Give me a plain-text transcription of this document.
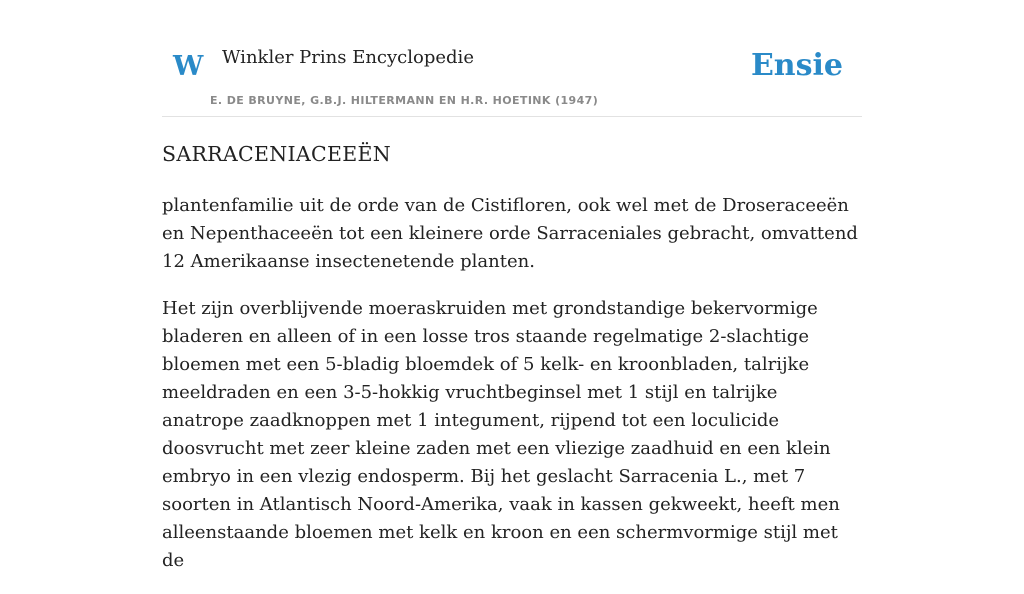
W Winkler Prins Encyclopedie
E. DE BRUYNE, G.B.J. HILTERMANN EN H.R. HOETINK (1947)
Ensie
SARRACENIACEEËN

plantenfamilie uit de orde van de Cistifloren, ook wel met de Droseraceeën en Nepenthaceeën tot een kleinere orde Sarraceniales gebracht, omvattend 12 Amerikaanse insectenetende planten.

Het zijn overblijvende moeraskruiden met grondstandige bekervormige bladeren en alleen of in een losse tros staande regelmatige 2-slachtige bloemen met een 5-bladig bloemdek of 5 kelk- en kroonbladen, talrijke meeldraden en een 3-5-hokkig vruchtbeginsel met 1 stijl en talrijke anatrope zaadknoppen met 1 integument, rijpend tot een loculicide doosvrucht met zeer kleine zaden met een vliezige zaadhuid en een klein embryo in een vlezig endosperm. Bij het geslacht Sarracenia L., met 7 soorten in Atlantisch Noord-Amerika, vaak in kassen gekweekt, heeft men alleenstaande bloemen met kelk en kroon en een schermvormige stijl met de
